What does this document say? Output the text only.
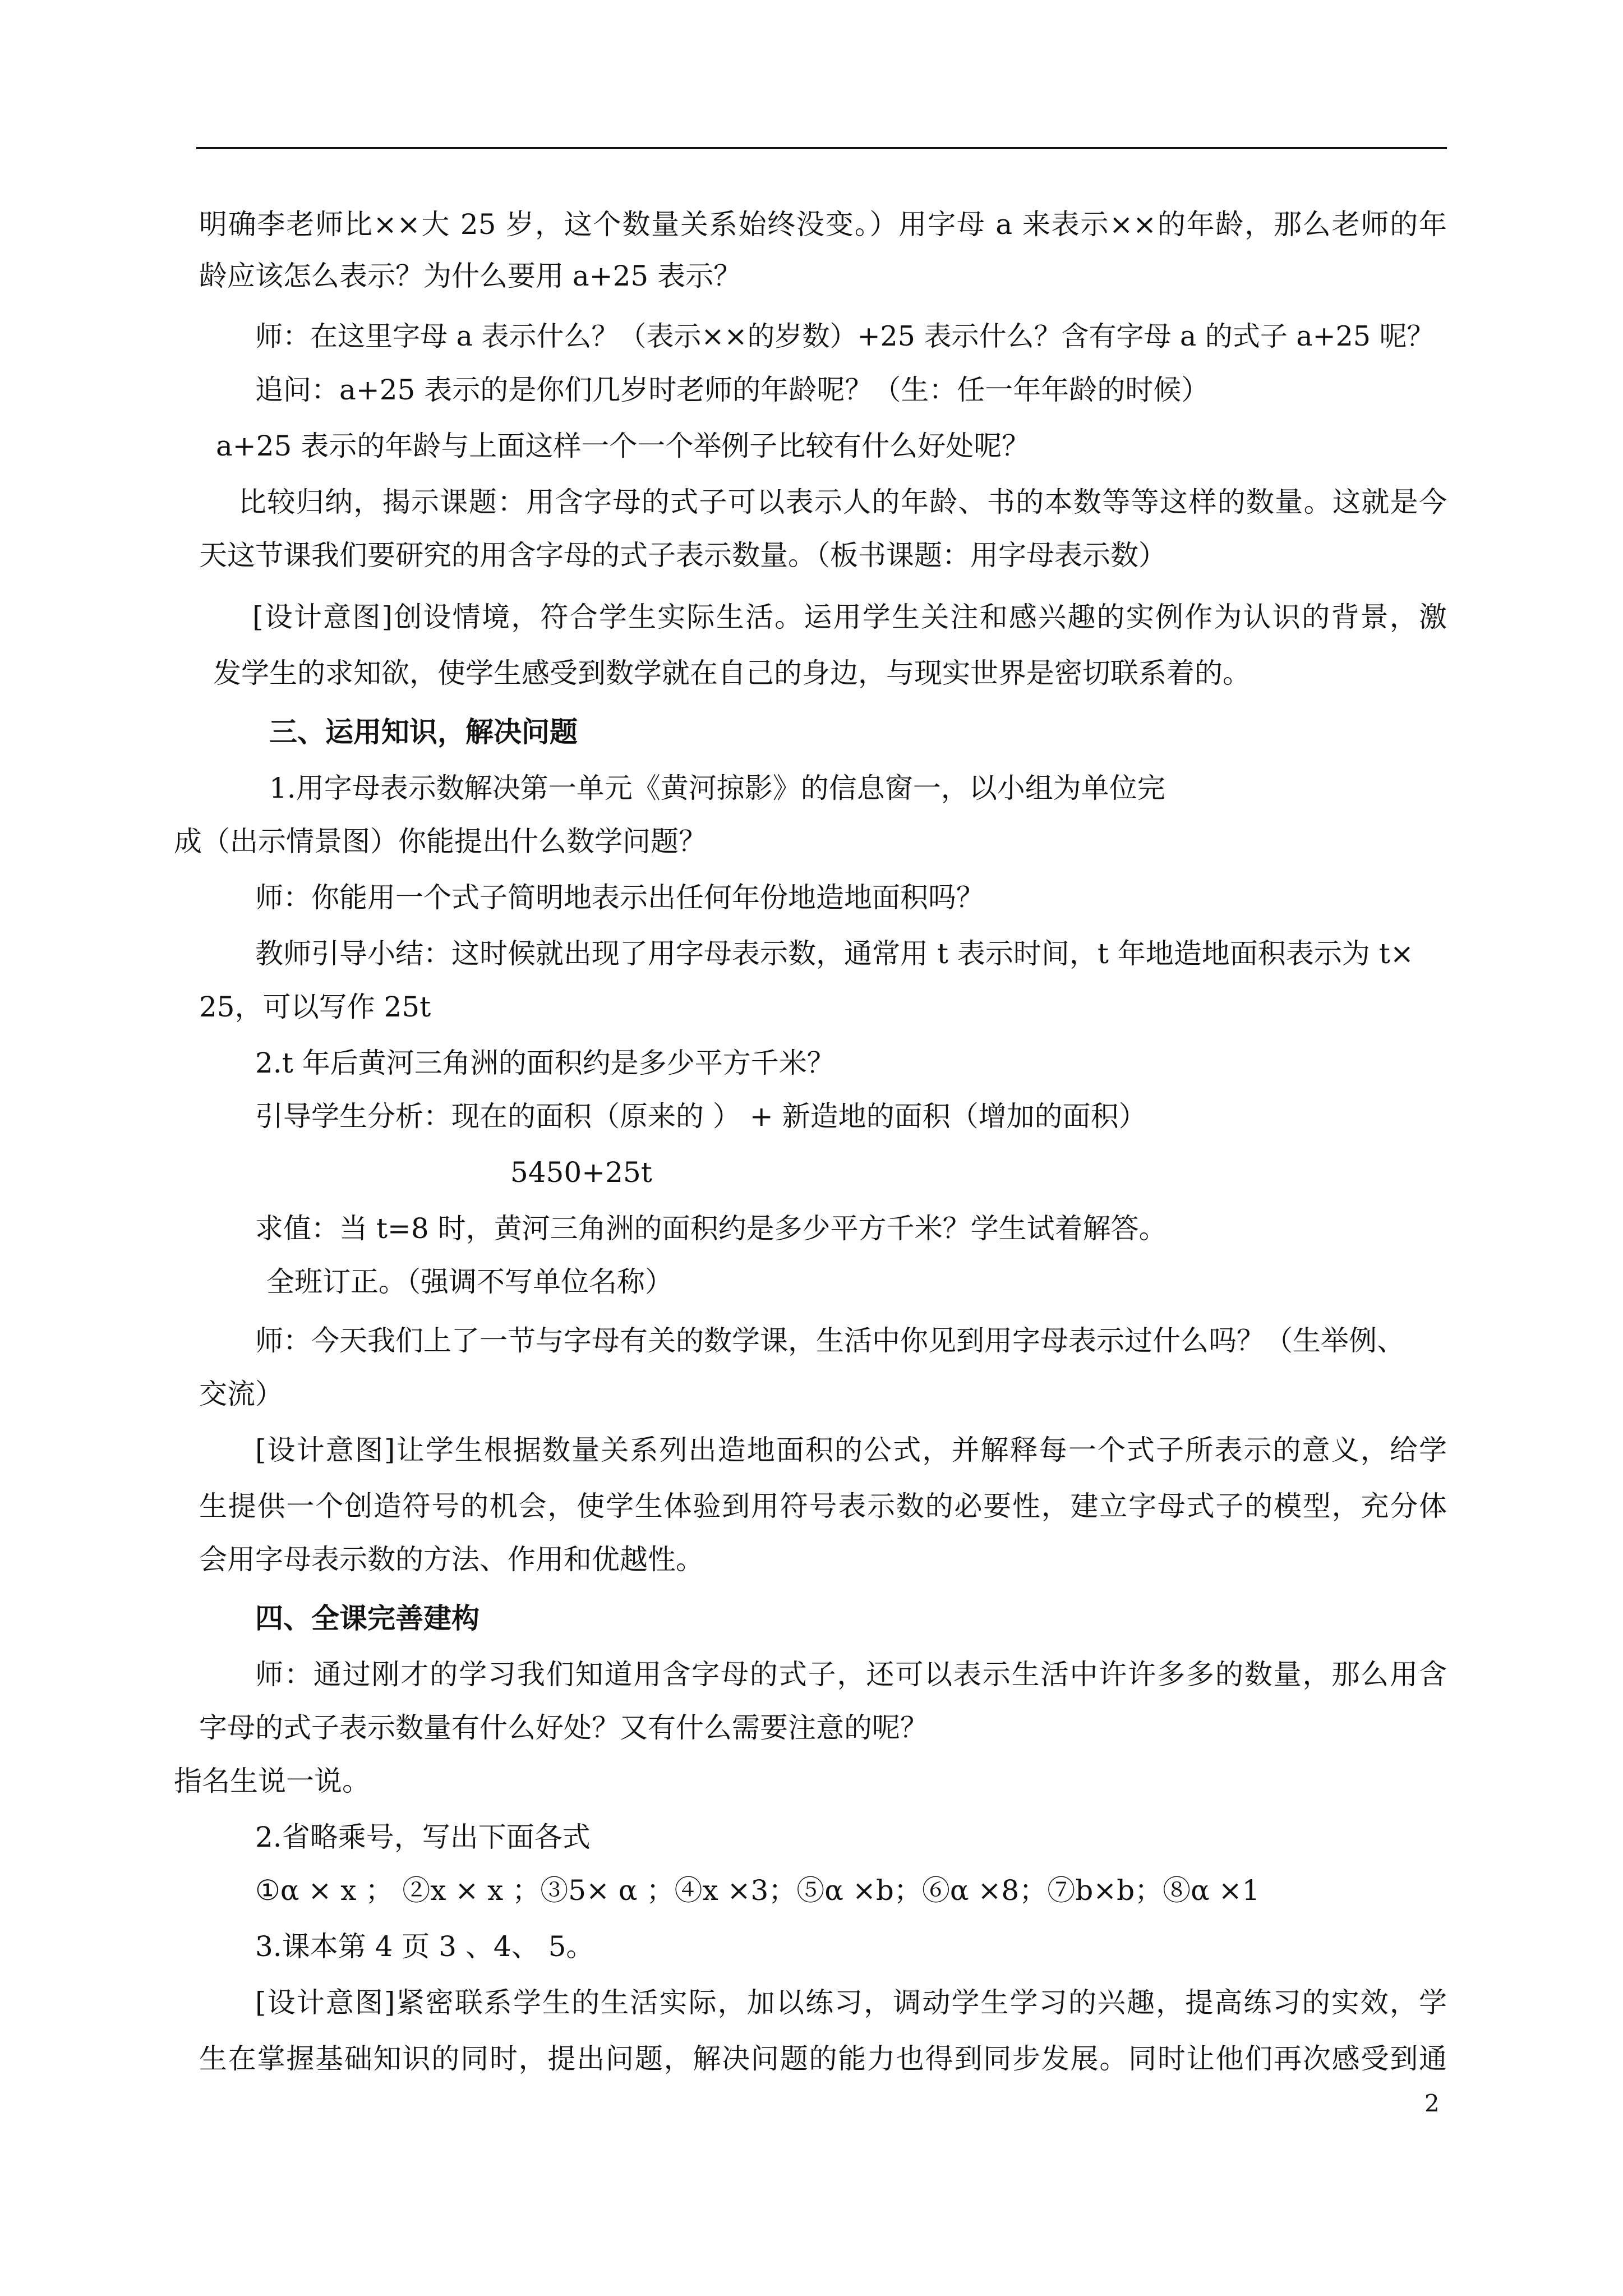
明确李老师比××大 25 岁，这个数量关系始终没变。）用字母 a 来表示××的年龄，那么老师的年
龄应该怎么表示？为什么要用 a+25 表示？
师：在这里字母 a 表示什么？（表示××的岁数）+25 表示什么？含有字母 a 的式子 a+25 呢？
追问：a+25 表示的是你们几岁时老师的年龄呢？（生：任一年年龄的时候）
a+25 表示的年龄与上面这样一个一个举例子比较有什么好处呢？
比较归纳，揭示课题：用含字母的式子可以表示人的年龄、书的本数等等这样的数量。这就是今
天这节课我们要研究的用含字母的式子表示数量。（板书课题：用字母表示数）
[设计意图]创设情境，符合学生实际生活。运用学生关注和感兴趣的实例作为认识的背景，激
发学生的求知欲，使学生感受到数学就在自己的身边，与现实世界是密切联系着的。
三、运用知识，解决问题
1.用字母表示数解决第一单元《黄河掠影》的信息窗一，以小组为单位完
成（出示情景图）你能提出什么数学问题？
师：你能用一个式子简明地表示出任何年份地造地面积吗？
教师引导小结：这时候就出现了用字母表示数，通常用 t 表示时间，t 年地造地面积表示为 t×
25，可以写作 25t
2.t 年后黄河三角洲的面积约是多少平方千米？
引导学生分析：现在的面积（原来的 ） + 新造地的面积（增加的面积）
5450+25t
求值：当 t=8 时，黄河三角洲的面积约是多少平方千米？学生试着解答。
全班订正。（强调不写单位名称）
师：今天我们上了一节与字母有关的数学课，生活中你见到用字母表示过什么吗？（生举例、
交流）
[设计意图]让学生根据数量关系列出造地面积的公式，并解释每一个式子所表示的意义，给学
生提供一个创造符号的机会，使学生体验到用符号表示数的必要性，建立字母式子的模型，充分体
会用字母表示数的方法、作用和优越性。
四、全课完善建构
师：通过刚才的学习我们知道用含字母的式子，还可以表示生活中许许多多的数量，那么用含
字母的式子表示数量有什么好处？又有什么需要注意的呢？
指名生说一说。
2.省略乘号，写出下面各式
①α × x ； ②x × x ；③5× α ；④x ×3；⑤α ×b；⑥α ×8；⑦b×b；⑧α ×1
3.课本第 4 页 3 、4、 5。
[设计意图]紧密联系学生的生活实际，加以练习，调动学生学习的兴趣，提高练习的实效，学
生在掌握基础知识的同时，提出问题，解决问题的能力也得到同步发展。同时让他们再次感受到通
2
